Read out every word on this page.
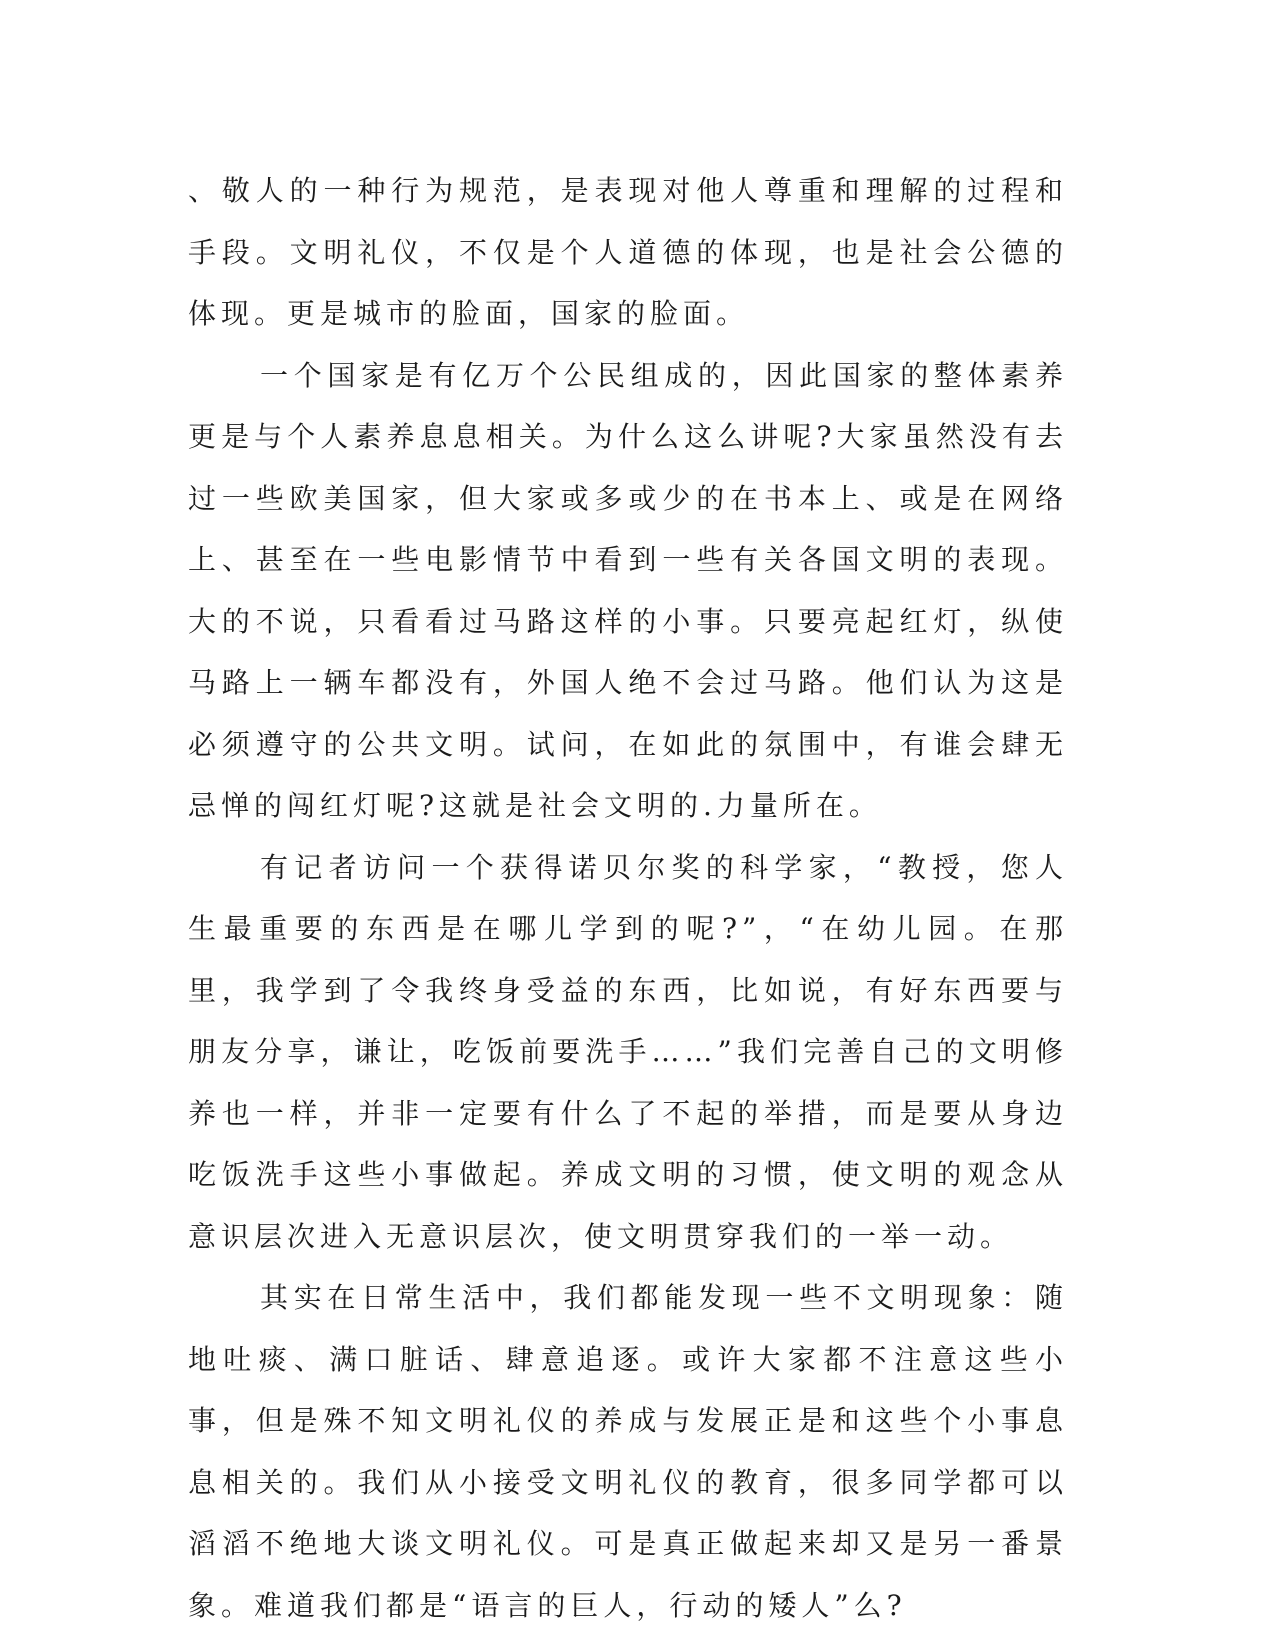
、敬人的一种行为规范，是表现对他人尊重和理解的过程和手段。文明礼仪，不仅是个人道德的体现，也是社会公德的体现。更是城市的脸面，国家的脸面。

一个国家是有亿万个公民组成的，因此国家的整体素养更是与个人素养息息相关。为什么这么讲呢?大家虽然没有去过一些欧美国家，但大家或多或少的在书本上、或是在网络上、甚至在一些电影情节中看到一些有关各国文明的表现。大的不说，只看看过马路这样的小事。只要亮起红灯，纵使马路上一辆车都没有，外国人绝不会过马路。他们认为这是必须遵守的公共文明。试问，在如此的氛围中，有谁会肆无忌惮的闯红灯呢?这就是社会文明的.力量所在。

有记者访问一个获得诺贝尔奖的科学家，“教授，您人生最重要的东西是在哪儿学到的呢?”，“在幼儿园。在那里，我学到了令我终身受益的东西，比如说，有好东西要与朋友分享，谦让，吃饭前要洗手……”我们完善自己的文明修养也一样，并非一定要有什么了不起的举措，而是要从身边吃饭洗手这些小事做起。养成文明的习惯，使文明的观念从意识层次进入无意识层次，使文明贯穿我们的一举一动。

其实在日常生活中，我们都能发现一些不文明现象：随地吐痰、满口脏话、肆意追逐。或许大家都不注意这些小事，但是殊不知文明礼仪的养成与发展正是和这些个小事息息相关的。我们从小接受文明礼仪的教育，很多同学都可以滔滔不绝地大谈文明礼仪。可是真正做起来却又是另一番景象。难道我们都是“语言的巨人，行动的矮人”么?
